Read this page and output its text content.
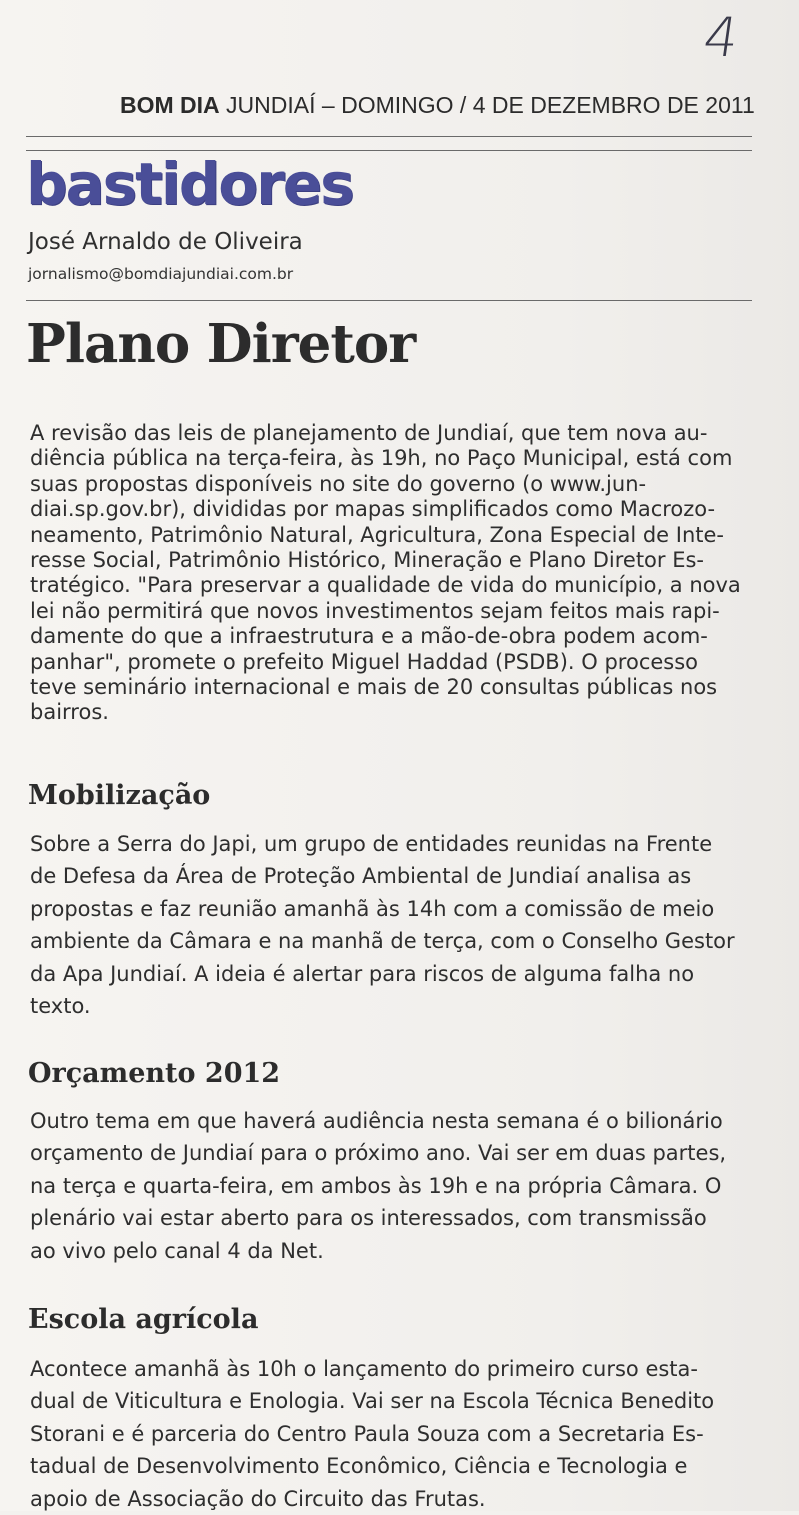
4
BOM DIA JUNDIAÍ – DOMINGO / 4 DE DEZEMBRO DE 2011
bastidores
José Arnaldo de Oliveira
jornalismo@bomdiajundiai.com.br
Plano Diretor
A revisão das leis de planejamento de Jundiaí, que tem nova au-
diência pública na terça-feira, às 19h, no Paço Municipal, está com
suas propostas disponíveis no site do governo (o www.jun-
diai.sp.gov.br), divididas por mapas simplificados como Macrozo-
neamento, Patrimônio Natural, Agricultura, Zona Especial de Inte-
resse Social, Patrimônio Histórico, Mineração e Plano Diretor Es-
tratégico. "Para preservar a qualidade de vida do município, a nova
lei não permitirá que novos investimentos sejam feitos mais rapi-
damente do que a infraestrutura e a mão-de-obra podem acom-
panhar", promete o prefeito Miguel Haddad (PSDB). O processo
teve seminário internacional e mais de 20 consultas públicas nos
bairros.
Mobilização
Sobre a Serra do Japi, um grupo de entidades reunidas na Frente
de Defesa da Área de Proteção Ambiental de Jundiaí analisa as
propostas e faz reunião amanhã às 14h com a comissão de meio
ambiente da Câmara e na manhã de terça, com o Conselho Gestor
da Apa Jundiaí. A ideia é alertar para riscos de alguma falha no
texto.
Orçamento 2012
Outro tema em que haverá audiência nesta semana é o bilionário
orçamento de Jundiaí para o próximo ano. Vai ser em duas partes,
na terça e quarta-feira, em ambos às 19h e na própria Câmara. O
plenário vai estar aberto para os interessados, com transmissão
ao vivo pelo canal 4 da Net.
Escola agrícola
Acontece amanhã às 10h o lançamento do primeiro curso esta-
dual de Viticultura e Enologia. Vai ser na Escola Técnica Benedito
Storani e é parceria do Centro Paula Souza com a Secretaria Es-
tadual de Desenvolvimento Econômico, Ciência e Tecnologia e
apoio de Associação do Circuito das Frutas.
